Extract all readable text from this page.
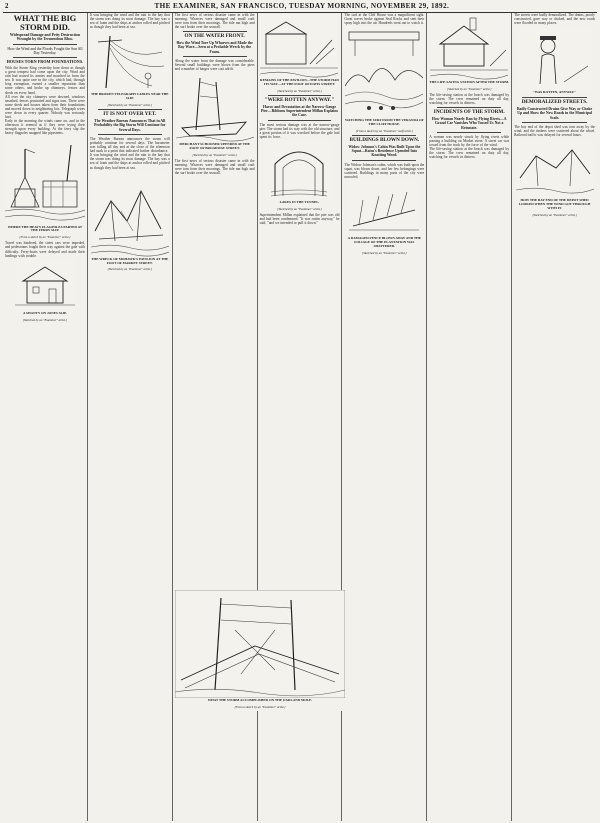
2	THE EXAMINER, SAN FRANCISCO, TUESDAY MORNING, NOVEMBER 29, 1892.
WHAT THE BIG STORM DID.
Widespread Damage and Petty Destruction Wrought by the Tremendous Blow.
How the Wind and the Floods Fought the Sun All Day Yesterday.
HOUSES TORN FROM FOUNDATIONS.

With the Storm King yesterday bore down as though a great tempest had come upon the city. Wind and rain had roused its armies and marched in from the sea. It was quite rare in the city, which had, through long exemption, earned a smaller reputation than some others, and broke up chimneys, fences and sheds on every hand.

All over the city chimneys were downed, windows smashed, fences prostrated and signs torn. There were some sheds and houses taken from their foundations and moved down to neighboring lots. Telegraph wires were down in every quarter. Nobody was seriously hurt.

Early in the morning the winds came on, and in the afternoon it seemed as if they were trying their strength upon every building. At the ferry slip the heavy flagpoles snapped like pipestems.

WHERE THE HEAVY FLAGPOLES PARTED AT THE FERRY SLIP.
[From a sketch by an "Examiner" artist.]

Travel was hindered, the street cars were impeded, and pedestrians fought their way against the gale with difficulty. Ferry-boats were delayed and made their landings with trouble.

A SHANTY ON JONES SLIP.
[Sketched by an "Examiner" artist.]

It was bringing the wind and the rain to the bay that the storm was doing its most damage. The bay was a sea of foam and the ships at anchor rolled and pitched as though they had been at sea.

THE BROKEN TELEGRAPH CABLES NEAR THE SLIP.
[Sketched by an "Examiner" artist.]
IT IS NOT OVER YET.
The Weather Bureau Announces That in All Probability the Big Storm Will Continue for Several Days.

The Weather Bureau announces the storm will probably continue for several days. The barometer was falling all day and at the close of the afternoon had sunk to a point that indicated further disturbance.

It was bringing the wind and the rain to the bay that the storm was doing its most damage. The bay was a sea of foam and the ships at anchor rolled and pitched as though they had been at sea.

THE WRECK OF MOHAWK'S PAVILION AT THE FOOT OF MARKET STREET.
[Sketched by an "Examiner" artist.]

The first news of serious disaster came in with the morning. Wharves were damaged and small craft were torn from their moorings. The tide ran high and the surf broke over the seawall.

ON THE WATER FRONT.
How the Wind Tore Up Wharves and Made the Bay Wave—Seen at a Probable Wreck by the Foam.

Along the water front the damage was considerable. Several small buildings were blown from the piers and a number of barges were cast adrift.

MERCHANT SCHOONER UPENDED AT THE FOOT OF BROADWAY STREET.
[Sketched by an "Examiner" artist.]

The first news of serious disaster came in with the morning. Wharves were damaged and small craft were torn from their moorings. The tide ran high and the surf broke over the seawall.

REMAINS OF THE PAVILION—THE STORM HAD ITS WAY—AT THE FOOT OF DAVIS STREET.
[Sketched by an "Examiner" artist.]
"WERE ROTTEN ANYWAY."
Havoc and Devastation at the Narrow-Gauge Pier—Ribbons Superintendent Millan Explains the Case.

The most serious damage was at the narrow-gauge pier. The storm had its way with the old structure, and a great portion of it was wrecked before the gale had spent its force.

LAKES IN THE TUNNEL.
[Sketched by an "Examiner" artist.]

Superintendent Millan explained that the pier was old and had been condemned. "It was rotten anyway," he said, "and we intended to pull it down."

The surf at the Cliff House was a magnificent sight. Great waves broke against Seal Rocks and sent their spray high into the air. Hundreds went out to watch it.

WATCHING THE SURF FROM THE VERANDA OF THE CLIFF HOUSE.
[From a sketch by an "Examiner" staff artist.]
BUILDINGS BLOWN DOWN.
Widow Johnson's Cabin Was Built Upon the Squat—Rains's Residence Upended Into Knotting Wood.

The Widow Johnson's cabin, which was built upon the squat, was blown down, and her few belongings were scattered. Buildings in many parts of the city were unroofed.

A DAMAGED FENCE BLOWN AWAY AND THE FOLIAGE OF THE PLANTATION WAS SHATTERED.
[Sketched by an "Examiner" artist.]
THE LIFE-SAVING STATION AFTER THE STORM.
[Sketched by an "Examiner" artist.]

The life-saving station at the beach was damaged by the storm. The crew remained on duty all day, watching for vessels in distress.

INCIDENTS OF THE STORM.
How Woman Nearly Ran by Flying Rivets—A Grand Car Vanishes Who Tossed Us Not a Reinstate.

A woman was nearly struck by flying rivets while passing a building on Market street. A street car was tossed from the track by the force of the wind.

The life-saving station at the beach was damaged by the storm. The crew remained on duty all day, watching for vessels in distress.

The streets were badly demoralized. The drains, poorly constructed, gave way or choked, and the new roads were flooded in many places.

"WAS ROTTEN, ANYWAY."
DEMORALIZED STREETS.
Badly Constructed Drains Give Way or Choke Up and Show the New Roads in the Municipal Scale.

The bay end of the depot shed was torn away by the wind, and the timbers were scattered about the wharf. Railroad traffic was delayed for several hours.

HOW THE BAY END OF THE DEPOT SHED LOOKED WHEN THE WIND GOT THROUGH WITH IT.
[Sketched by an "Examiner" artist.]
WHAT THE STORM ACCOMPLISHED ON THE OAKLAND MOLE.
[From a sketch by an "Examiner" artist.]
